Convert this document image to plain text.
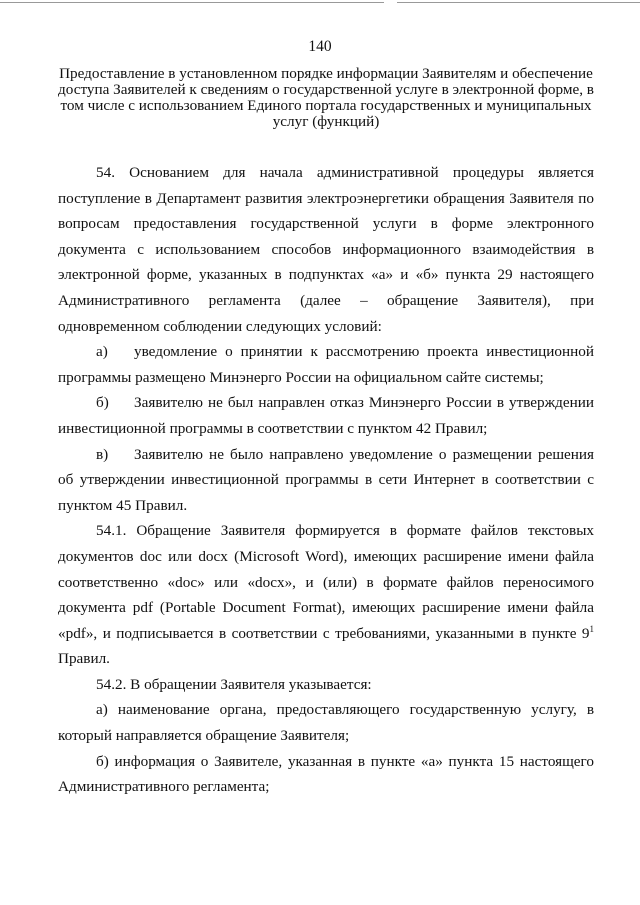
140
Предоставление в установленном порядке информации Заявителям и обеспечение доступа Заявителей к сведениям о государственной услуге в электронной форме, в том числе с использованием Единого портала государственных и муниципальных услуг (функций)

54. Основанием для начала административной процедуры является поступление в Департамент развития электроэнергетики обращения Заявителя по вопросам предоставления государственной услуги в форме электронного документа с использованием способов информационного взаимодействия в электронной форме, указанных в подпунктах «а» и «б» пункта 29 настоящего Административного регламента (далее – обращение Заявителя), при одновременном соблюдении следующих условий:

а) уведомление о принятии к рассмотрению проекта инвестиционной программы размещено Минэнерго России на официальном сайте системы;

б) Заявителю не был направлен отказ Минэнерго России в утверждении инвестиционной программы в соответствии с пунктом 42 Правил;

в) Заявителю не было направлено уведомление о размещении решения об утверждении инвестиционной программы в сети Интернет в соответствии с пунктом 45 Правил.

54.1. Обращение Заявителя формируется в формате файлов текстовых документов doc или docx (Microsoft Word), имеющих расширение имени файла соответственно «doc» или «docx», и (или) в формате файлов переносимого документа pdf (Portable Document Format), имеющих расширение имени файла «pdf», и подписывается в соответствии с требованиями, указанными в пункте $9^1$ Правил.

54.2. В обращении Заявителя указывается:

а) наименование органа, предоставляющего государственную услугу, в который направляется обращение Заявителя;

б) информация о Заявителе, указанная в пункте «а» пункта 15 настоящего Административного регламента;
